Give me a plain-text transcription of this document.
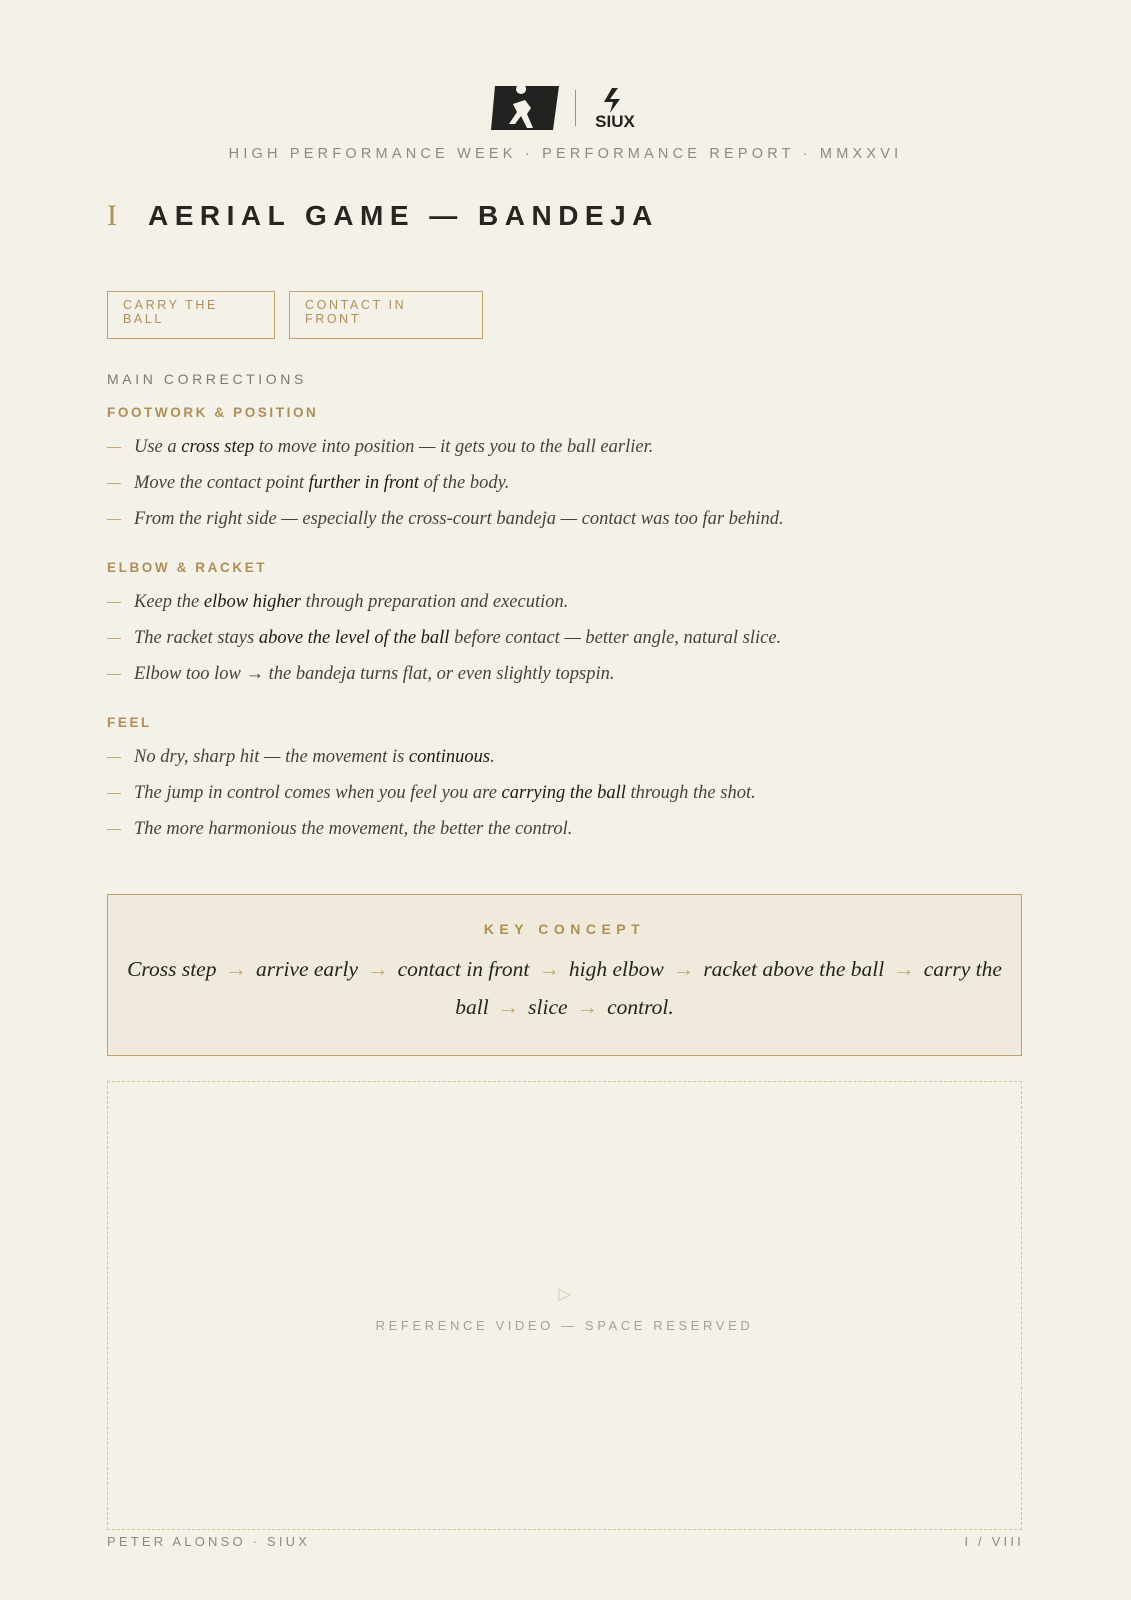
SIUX
HIGH PERFORMANCE WEEK · PERFORMANCE REPORT · MMXXVI
I	AERIAL GAME — BANDEJA
CARRY THE BALL
CONTACT IN FRONT
MAIN CORRECTIONS
FOOTWORK & POSITION
Use a cross step to move into position — it gets you to the ball earlier.
Move the contact point further in front of the body.
From the right side — especially the cross-court bandeja — contact was too far behind.
ELBOW & RACKET
Keep the elbow higher through preparation and execution.
The racket stays above the level of the ball before contact — better angle, natural slice.
Elbow too low → the bandeja turns flat, or even slightly topspin.
FEEL
No dry, sharp hit — the movement is continuous.
The jump in control comes when you feel you are carrying the ball through the shot.
The more harmonious the movement, the better the control.
KEY CONCEPT
Cross step → arrive early → contact in front → high elbow → racket above the ball → carry the
ball → slice → control.
▷
REFERENCE VIDEO — SPACE RESERVED
PETER ALONSO · SIUX	I / VIII
